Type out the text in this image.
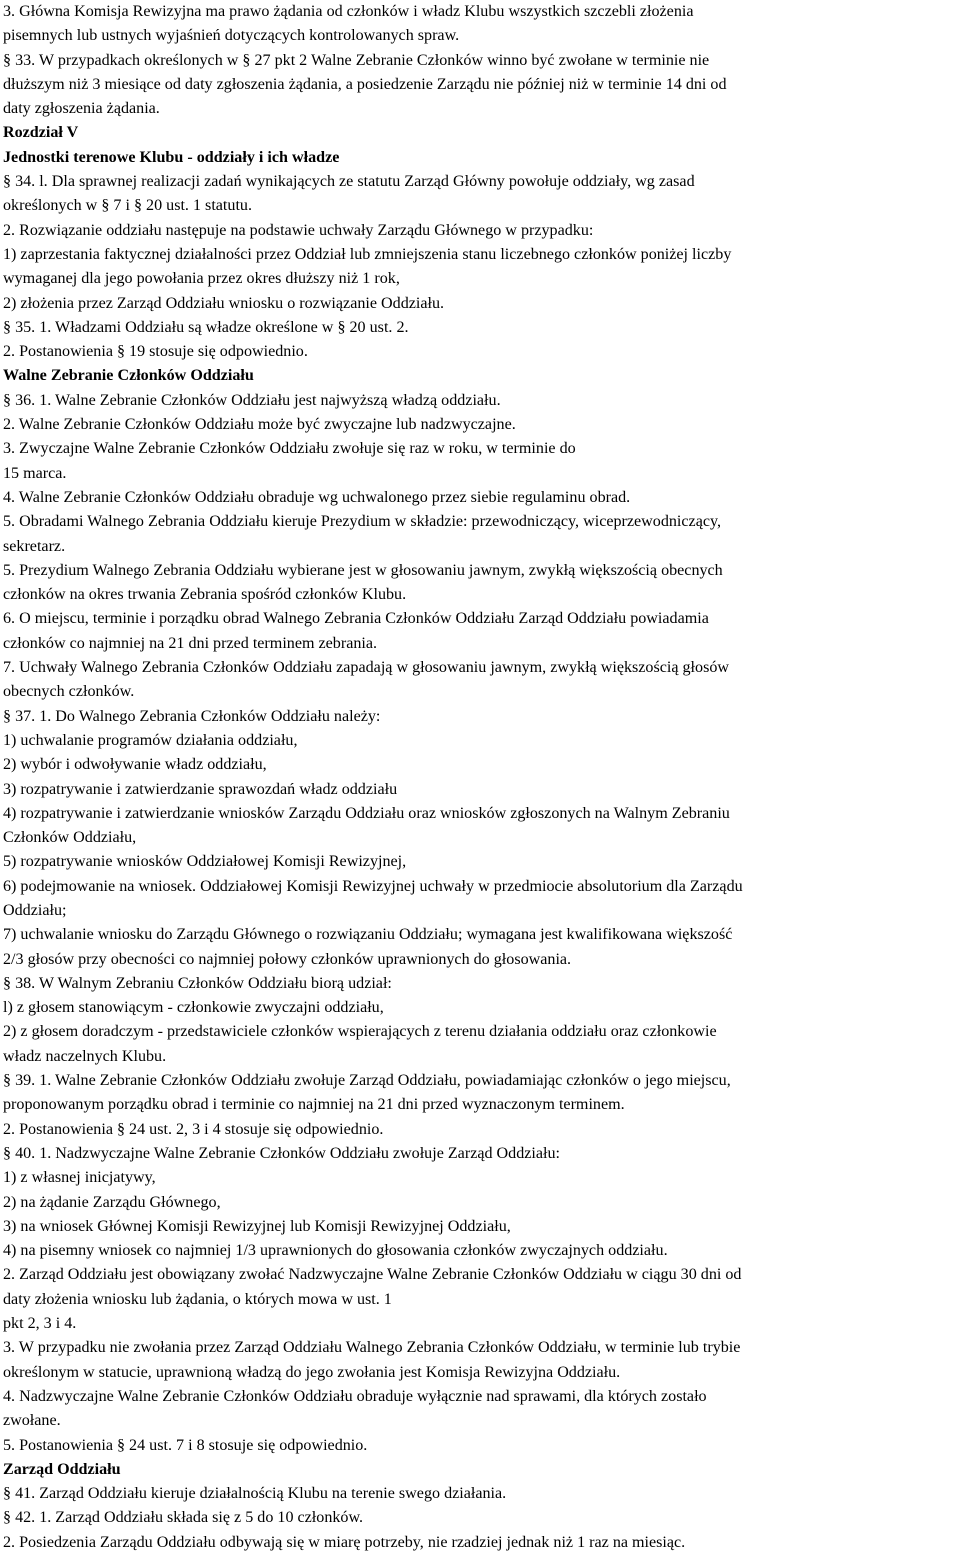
3. Główna Komisja Rewizyjna ma prawo żądania od członków i władz Klubu wszystkich szczebli złożenia
pisemnych lub ustnych wyjaśnień dotyczących kontrolowanych spraw.
§ 33. W przypadkach określonych w § 27 pkt 2 Walne Zebranie Członków winno być zwołane w terminie nie
dłuższym niż 3 miesiące od daty zgłoszenia żądania, a posiedzenie Zarządu nie później niż w terminie 14 dni od
daty zgłoszenia żądania.
Rozdział V
Jednostki terenowe Klubu - oddziały i ich władze
§ 34. l. Dla sprawnej realizacji zadań wynikających ze statutu Zarząd Główny powołuje oddziały, wg zasad
określonych w § 7 i § 20 ust. 1 statutu.
2. Rozwiązanie oddziału następuje na podstawie uchwały Zarządu Głównego w przypadku:
1) zaprzestania faktycznej działalności przez Oddział lub zmniejszenia stanu liczebnego członków poniżej liczby
wymaganej dla jego powołania przez okres dłuższy niż 1 rok,
2) złożenia przez Zarząd Oddziału wniosku o rozwiązanie Oddziału.
§ 35. 1. Władzami Oddziału są władze określone w § 20 ust. 2.
2. Postanowienia § 19 stosuje się odpowiednio.
Walne Zebranie Członków Oddziału
§ 36. 1. Walne Zebranie Członków Oddziału jest najwyższą władzą oddziału.
2. Walne Zebranie Członków Oddziału może być zwyczajne lub nadzwyczajne.
3. Zwyczajne Walne Zebranie Członków Oddziału zwołuje się raz w roku, w terminie do
15 marca.
4. Walne Zebranie Członków Oddziału obraduje wg uchwalonego przez siebie regulaminu obrad.
5. Obradami Walnego Zebrania Oddziału kieruje Prezydium w składzie: przewodniczący, wiceprzewodniczący,
sekretarz.
5. Prezydium Walnego Zebrania Oddziału wybierane jest w głosowaniu jawnym, zwykłą większością obecnych
członków na okres trwania Zebrania spośród członków Klubu.
6. O miejscu, terminie i porządku obrad Walnego Zebrania Członków Oddziału Zarząd Oddziału powiadamia
członków co najmniej na 21 dni przed terminem zebrania.
7. Uchwały Walnego Zebrania Członków Oddziału zapadają w głosowaniu jawnym, zwykłą większością głosów
obecnych członków.
§ 37. 1. Do Walnego Zebrania Członków Oddziału należy:
1) uchwalanie programów działania oddziału,
2) wybór i odwoływanie władz oddziału,
3) rozpatrywanie i zatwierdzanie sprawozdań władz oddziału
4) rozpatrywanie i zatwierdzanie wniosków Zarządu Oddziału oraz wniosków zgłoszonych na Walnym Zebraniu
Członków Oddziału,
5) rozpatrywanie wniosków Oddziałowej Komisji Rewizyjnej,
6) podejmowanie na wniosek. Oddziałowej Komisji Rewizyjnej uchwały w przedmiocie absolutorium dla Zarządu
Oddziału;
7) uchwalanie wniosku do Zarządu Głównego o rozwiązaniu Oddziału; wymagana jest kwalifikowana większość
2/3 głosów przy obecności co najmniej połowy członków uprawnionych do głosowania.
§ 38. W Walnym Zebraniu Członków Oddziału biorą udział:
l) z głosem stanowiącym - członkowie zwyczajni oddziału,
2) z głosem doradczym - przedstawiciele członków wspierających z terenu działania oddziału oraz członkowie
władz naczelnych Klubu.
§ 39. 1. Walne Zebranie Członków Oddziału zwołuje Zarząd Oddziału, powiadamiając członków o jego miejscu,
proponowanym porządku obrad i terminie co najmniej na 21 dni przed wyznaczonym terminem.
2. Postanowienia § 24 ust. 2, 3 i 4 stosuje się odpowiednio.
§ 40. 1. Nadzwyczajne Walne Zebranie Członków Oddziału zwołuje Zarząd Oddziału:
1) z własnej inicjatywy,
2) na żądanie Zarządu Głównego,
3) na wniosek Głównej Komisji Rewizyjnej lub Komisji Rewizyjnej Oddziału,
4) na pisemny wniosek co najmniej 1/3 uprawnionych do głosowania członków zwyczajnych oddziału.
2. Zarząd Oddziału jest obowiązany zwołać Nadzwyczajne Walne Zebranie Członków Oddziału w ciągu 30 dni od
daty złożenia wniosku lub żądania, o których mowa w ust. 1
pkt 2, 3 i 4.
3. W przypadku nie zwołania przez Zarząd Oddziału Walnego Zebrania Członków Oddziału, w terminie lub trybie
określonym w statucie, uprawnioną władzą do jego zwołania jest Komisja Rewizyjna Oddziału.
4. Nadzwyczajne Walne Zebranie Członków Oddziału obraduje wyłącznie nad sprawami, dla których zostało
zwołane.
5. Postanowienia § 24 ust. 7 i 8 stosuje się odpowiednio.
Zarząd Oddziału
§ 41. Zarząd Oddziału kieruje działalnością Klubu na terenie swego działania.
§ 42. 1. Zarząd Oddziału składa się z 5 do 10 członków.
2. Posiedzenia Zarządu Oddziału odbywają się w miarę potrzeby, nie rzadziej jednak niż 1 raz na miesiąc.
